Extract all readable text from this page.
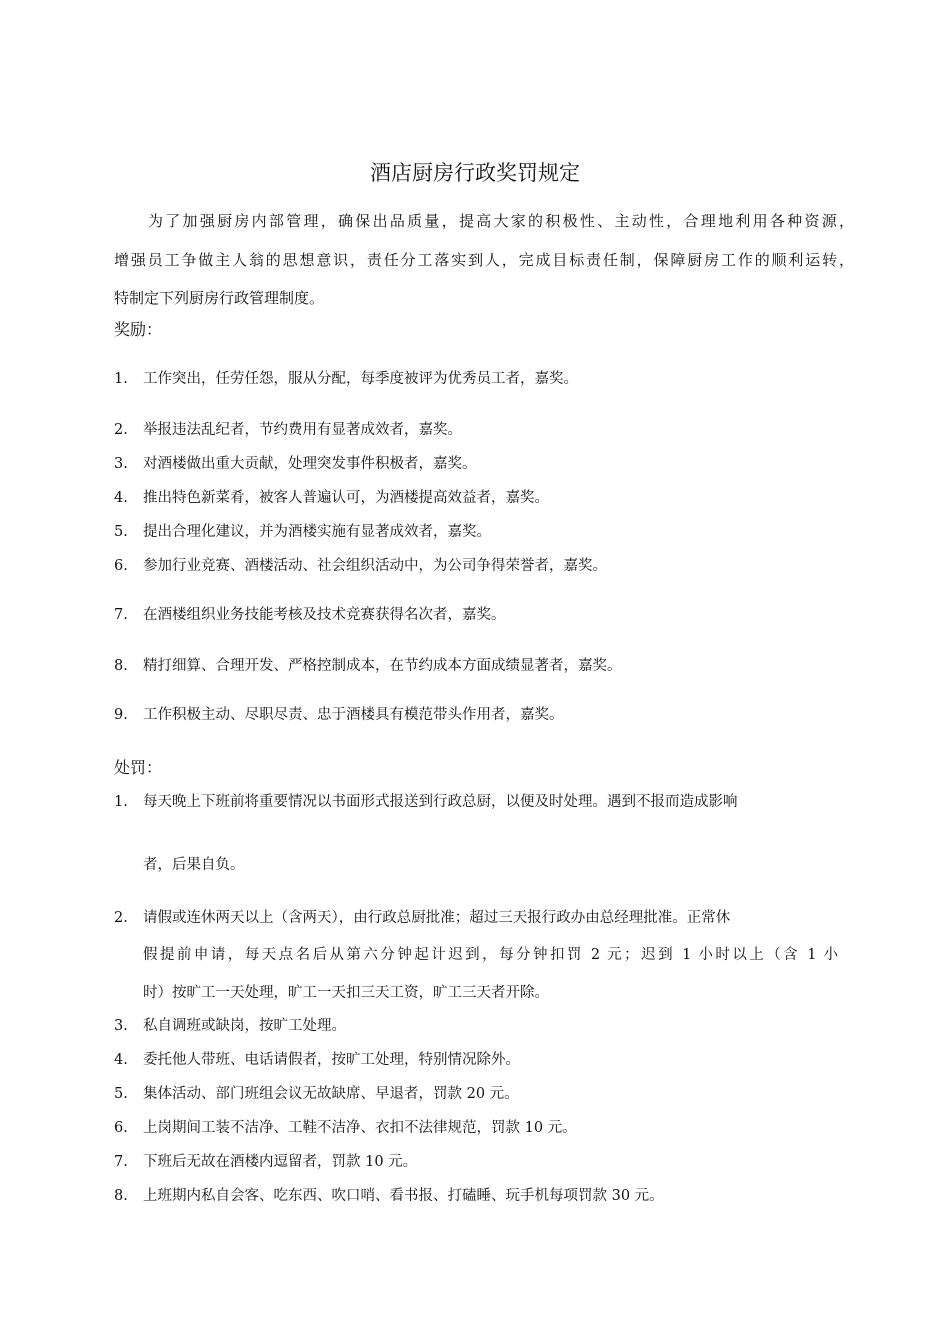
酒店厨房行政奖罚规定

为了加强厨房内部管理，确保出品质量，提高大家的积极性、主动性，合理地利用各种资源，

增强员工争做主人翁的思想意识，责任分工落实到人，完成目标责任制，保障厨房工作的顺利运转，

特制定下列厨房行政管理制度。

奖励：
1. 工作突出，任劳任怨，服从分配，每季度被评为优秀员工者，嘉奖。
2. 举报违法乱纪者，节约费用有显著成效者，嘉奖。
3. 对酒楼做出重大贡献，处理突发事件积极者，嘉奖。
4. 推出特色新菜肴，被客人普遍认可，为酒楼提高效益者，嘉奖。
5. 提出合理化建议，并为酒楼实施有显著成效者，嘉奖。
6. 参加行业竞赛、酒楼活动、社会组织活动中，为公司争得荣誉者，嘉奖。
7. 在酒楼组织业务技能考核及技术竞赛获得名次者，嘉奖。
8. 精打细算、合理开发、严格控制成本，在节约成本方面成绩显著者，嘉奖。
9. 工作积极主动、尽职尽责、忠于酒楼具有模范带头作用者，嘉奖。
处罚：
1. 每天晚上下班前将重要情况以书面形式报送到行政总厨，以便及时处理。遇到不报而造成影响
者，后果自负。
2. 请假或连休两天以上（含两天），由行政总厨批准；超过三天报行政办由总经理批准。正常休
假提前申请，每天点名后从第六分钟起计迟到，每分钟扣罚 2 元；迟到 1 小时以上（含 1 小
时）按旷工一天处理，旷工一天扣三天工资，旷工三天者开除。
3. 私自调班或缺岗，按旷工处理。
4. 委托他人带班、电话请假者，按旷工处理，特别情况除外。
5. 集体活动、部门班组会议无故缺席、早退者，罚款 20 元。
6. 上岗期间工装不洁净、工鞋不洁净、衣扣不法律规范，罚款 10 元。
7. 下班后无故在酒楼内逗留者，罚款 10 元。
8. 上班期内私自会客、吃东西、吹口哨、看书报、打磕睡、玩手机每项罚款 30 元。
